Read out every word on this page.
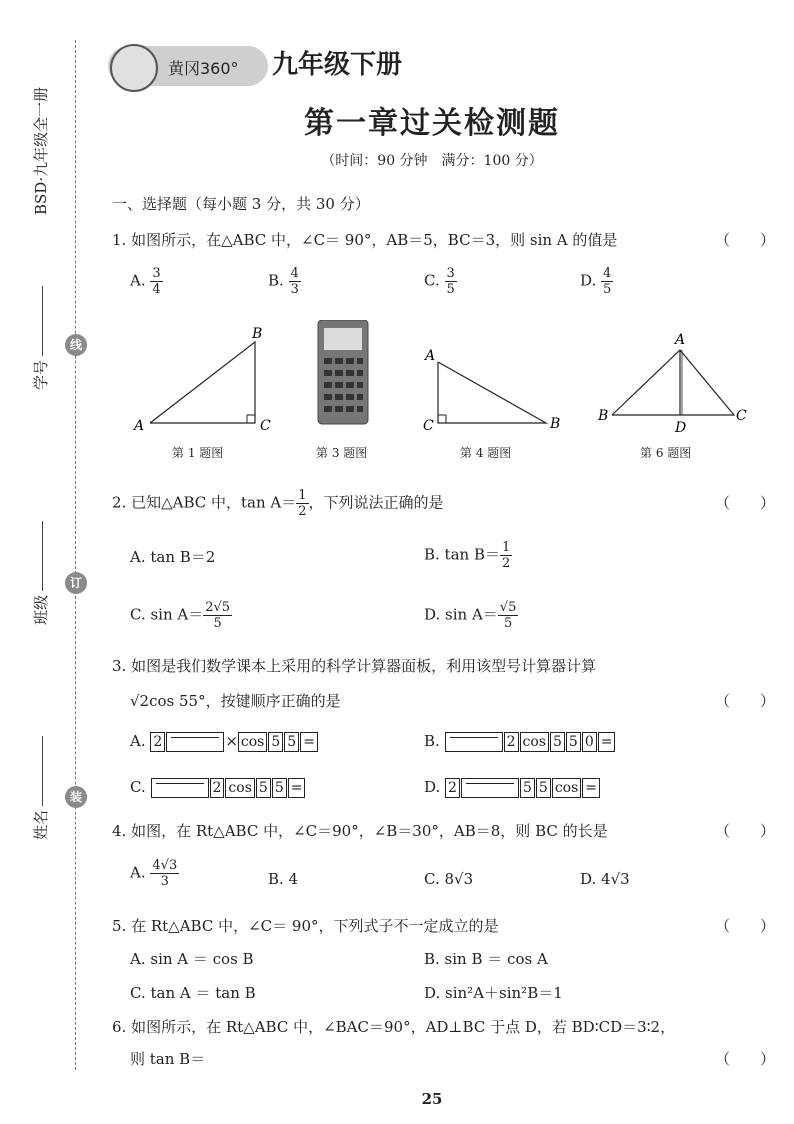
BSD·九年级全一册
学号
班级
姓名
线
订
装
黄冈360° 九年级下册
第一章过关检测题
（时间：90 分钟　满分：100 分）
一、选择题（每小题 3 分，共 30 分）
1. 如图所示，在△ABC 中，∠C＝ 90°，AB＝5，BC＝3，则 sin A 的值是	（　　）
A. $\frac{3}{4}$	B. $\frac{4}{3}$	C. $\frac{3}{5}$	D. $\frac{4}{5}$
A
B
C
A
B
C
A
B	C
D
第 1 题图	第 3 题图	第 4 题图	第 6 题图
2. 已知△ABC 中，$\tan A= \frac{1}{2}$ ，下列说法正确的是	（　　）
A. tan B＝2	B. $\tan B= \frac{1}{2}$
C. $\sin A= \frac{2√5}{5}$	D. $\sin A= \frac{√5}{5}$
3. 如图是我们数学课本上采用的科学计算器面板，利用该型号计算器计算
√2cos 55°，按键顺序正确的是	（　　）
A. 2	× cos 5 5 =	B.	2 cos 5 5 0 =
C.	2 cos 5 5 =	D. 2	5 5 cos =
4. 如图，在 Rt△ABC 中，∠C＝90°，∠B＝30°，AB＝8，则 BC 的长是	（　　）
A. $\frac{4√3}{3}$	B. 4	C. 8√3	D. 4√3
5. 在 Rt△ABC 中，∠C＝ 90°，下列式子不一定成立的是	（　　）
A. sin A ＝ cos B	B. sin B ＝ cos A
C. tan A ＝ tan B	D. sin²A＋sin²B＝1
6. 如图所示，在 Rt△ABC 中，∠BAC＝90°，AD⊥BC 于点 D，若 BD∶CD＝3∶2，
则 tan B＝	（　　）
25
